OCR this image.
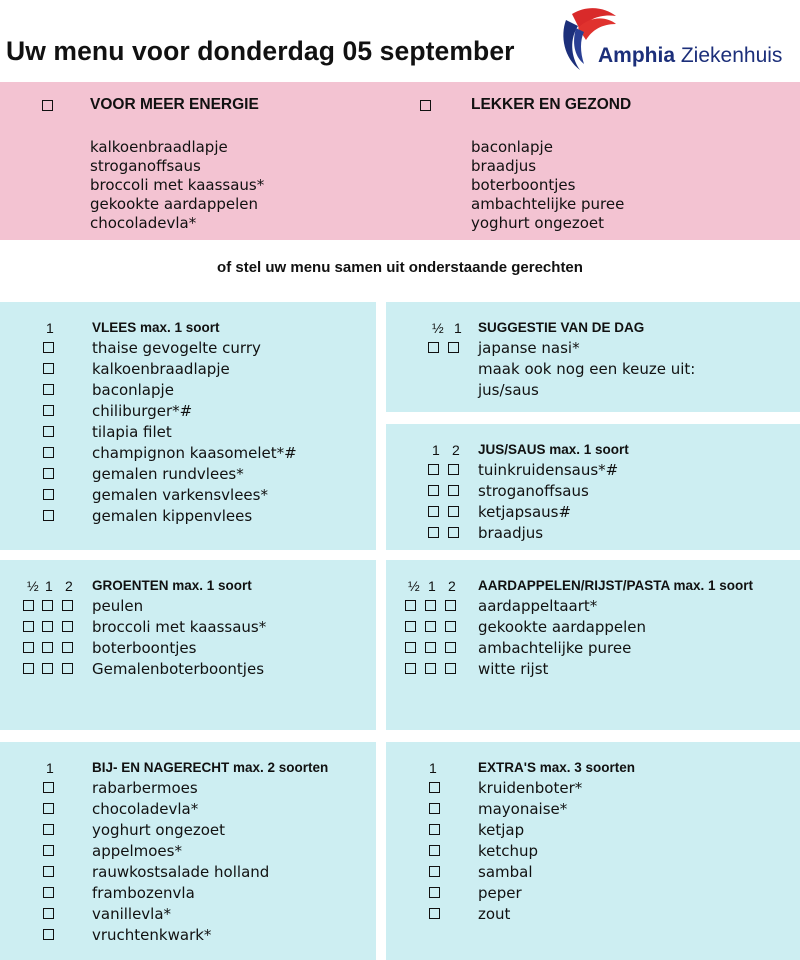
Uw menu voor donderdag 05 september	Amphia Ziekenhuis
VOOR MEER ENERGIE
kalkoenbraadlapje
stroganoffsaus
broccoli met kaassaus*
gekookte aardappelen
chocoladevla*
LEKKER EN GEZOND
baconlapje
braadjus
boterboontjes
ambachtelijke puree
yoghurt ongezoet
of stel uw menu samen uit onderstaande gerechten
1	VLEES max. 1 soort
thaise gevogelte curry
kalkoenbraadlapje
baconlapje
chiliburger*#
tilapia filet
champignon kaasomelet*#
gemalen rundvlees*
gemalen varkensvlees*
gemalen kippenvlees
½ 1 SUGGESTIE VAN DE DAG
japanse nasi*
maak ook nog een keuze uit:
jus/saus
1 2 JUS/SAUS max. 1 soort
tuinkruidensaus*#
stroganoffsaus
ketjapsaus#
braadjus
½ 1 2 GROENTEN max. 1 soort
peulen
broccoli met kaassaus*
boterboontjes
Gemalenboterboontjes
½ 1 2 AARDAPPELEN/RIJST/PASTA max. 1 soort
aardappeltaart*
gekookte aardappelen
ambachtelijke puree
witte rijst
1	BIJ- EN NAGERECHT max. 2 soorten
rabarbermoes
chocoladevla*
yoghurt ongezoet
appelmoes*
rauwkostsalade holland
frambozenvla
vanillevla*
vruchtenkwark*
1	EXTRA'S max. 3 soorten
kruidenboter*
mayonaise*
ketjap
ketchup
sambal
peper
zout
